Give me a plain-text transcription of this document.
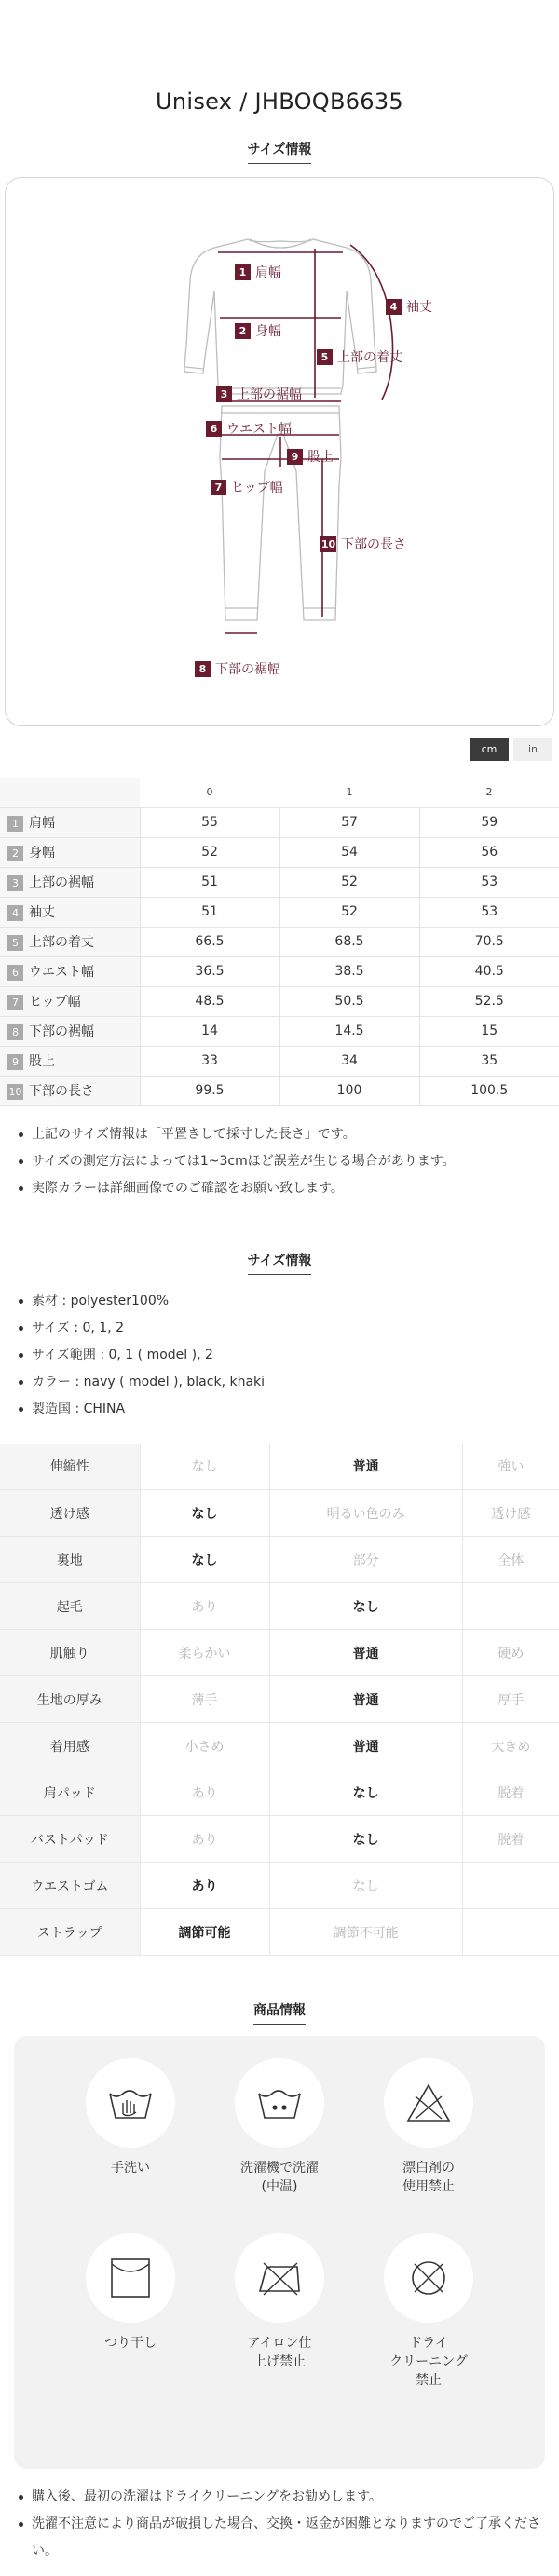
Unisex / JHBOQB6635
サイズ情報
1 肩幅
2 身幅
3 上部の裾幅
4 袖丈
5 上部の着丈
6 ウエスト幅
7 ヒップ幅
8 下部の裾幅
9 股上
10 下部の長さ
cm	in
	0	1	2
1 肩幅	55	57	59
2 身幅	52	54	56
3 上部の裾幅	51	52	53
4 袖丈	51	52	53
5 上部の着丈	66.5	68.5	70.5
6 ウエスト幅	36.5	38.5	40.5
7 ヒップ幅	48.5	50.5	52.5
8 下部の裾幅	14	14.5	15
9 股上	33	34	35
10 下部の長さ	99.5	100	100.5
上記のサイズ情報は「平置きして採寸した長さ」です。
サイズの測定方法によっては1~3cmほど誤差が生じる場合があります。
実際カラーは詳細画像でのご確認をお願い致します。
サイズ情報
素材 : polyester100%
サイズ : 0, 1, 2
サイズ範囲 : 0, 1 ( model ), 2
カラー : navy ( model ), black, khaki
製造国 : CHINA
伸縮性	なし	普通	強い
透け感	なし	明るい色のみ	透け感
裏地	なし	部分	全体
起毛	あり	なし	
肌触り	柔らかい	普通	硬め
生地の厚み	薄手	普通	厚手
着用感	小さめ	普通	大きめ
肩パッド	あり	なし	脱着
バストパッド	あり	なし	脱着
ウエストゴム	あり	なし	
ストラップ	調節可能	調節不可能	
商品情報
手洗い	洗濯機で洗濯
(中温)
漂白剤の
使用禁止
つり干し	アイロン仕
上げ禁止
ドライ
クリーニング
禁止
購入後、最初の洗濯はドライクリーニングをお勧めします。
洗濯不注意により商品が破損した場合、交換・返金が困難となりますのでご了承ください。
